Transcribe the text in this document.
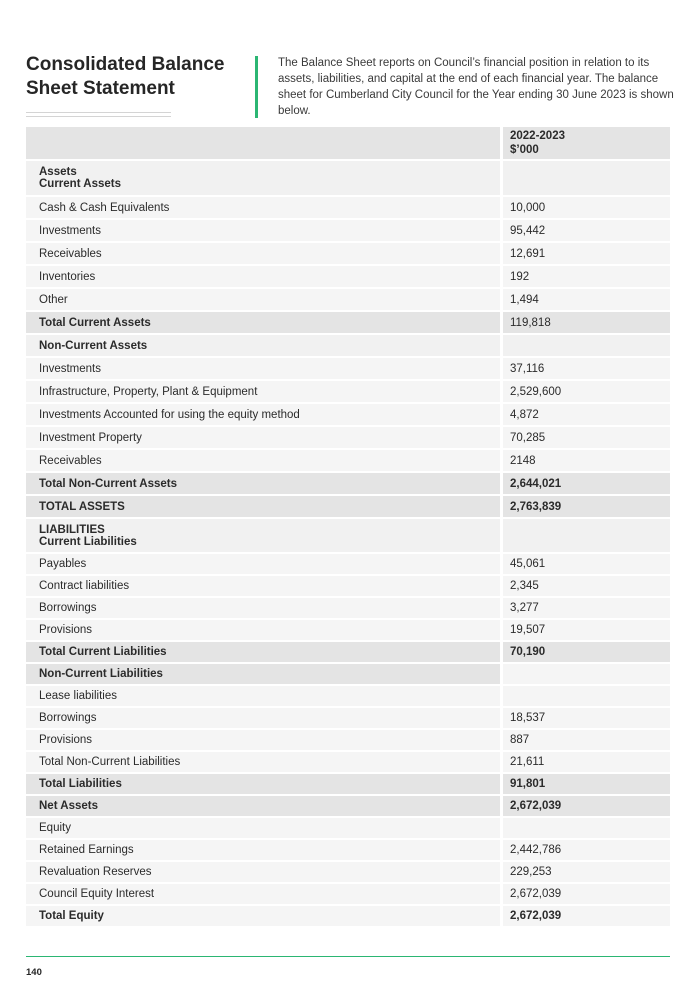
Consolidated Balance Sheet Statement
The Balance Sheet reports on Council’s financial position in relation to its assets, liabilities, and capital at the end of each financial year. The balance sheet for Cumberland City Council for the Year ending 30 June 2023 is shown below.
2022-2023
$’000
Assets
Current Assets
Cash & Cash Equivalents	10,000
Investments	95,442
Receivables	12,691
Inventories	192
Other	1,494
Total Current Assets	119,818
Non-Current Assets
Investments	37,116
Infrastructure, Property, Plant & Equipment	2,529,600
Investments Accounted for using the equity method	4,872
Investment Property	70,285
Receivables	2148
Total Non-Current Assets	2,644,021
TOTAL ASSETS	2,763,839
LIABILITIES
Current Liabilities
Payables	45,061
Contract liabilities	2,345
Borrowings	3,277
Provisions	19,507
Total Current Liabilities	70,190
Non-Current Liabilities
Lease liabilities
Borrowings	18,537
Provisions	887
Total Non-Current Liabilities	21,611
Total Liabilities	91,801
Net Assets	2,672,039
Equity
Retained Earnings	2,442,786
Revaluation Reserves	229,253
Council Equity Interest	2,672,039
Total Equity	2,672,039
140
